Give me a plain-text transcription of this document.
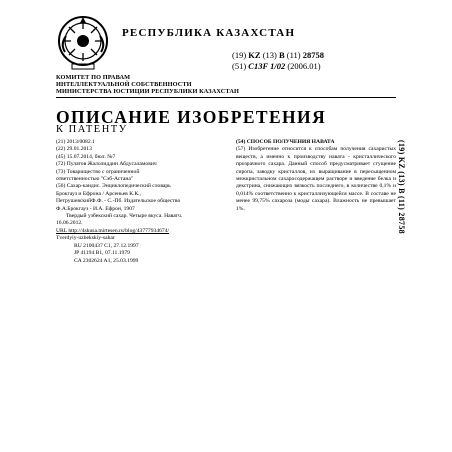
РЕСПУБЛИКА КАЗАХСТАН
(19) KZ (13) B (11) 28758
(51) C13F 1/02 (2006.01)
КОМИТЕТ ПО ПРАВАМ
ИНТЕЛЛЕКТУАЛЬНОЙ СОБСТВЕННОСТИ
МИНИСТЕРСТВА ЮСТИЦИИ РЕСПУБЛИКИ КАЗАХСТАН
ОПИСАНИЕ ИЗОБРЕТЕНИЯ
К ПАТЕНТУ
(21) 2013/0082.1
(22) 29.01.2013
(45) 15.07.2014, бюл. №7
(72) Пулатов Жалолиддин Абдусаламович
(73) Товарищество с ограниченной
ответственностью "Сэб-Астана"
(56) Сахар-кандис. Энциклопедический словарь
Брокгауз и Ефрона / Арсеньев К.К.,
ПетрушевскийФ.Ф. - С.-Пб. Издательское общество
Ф.А.Брокгауз - И.А. Ефрон, 1907
Твердый узбекский сахар. Четыре вкуса. Наватч.
16.06.2012.
URL http://4skusa.mirtesen.ru/blog/43777934674/
Tverdyiy-uzbekskiy-sahar
RU 2100437 C1, 27.12.1997
JP 41194 B1, 07.11.1979
CA 2302624 A1, 25.03.1999
(54) СПОСОБ ПОЛУЧЕНИЯ НАВАТА

(57) Изобретение относится к способам получения сахаристых веществ, а именно к производству навата - кристаллического прозрачного сахара. Данный способ предусматривает сгущение сиропа, заводку кристаллов, их выращивание в пересыщенном межкристальном сахаросодержащем растворе и введение белка и декстрина, снижающих вязкость последнего, в количестве 0,1% и 0,014% соответственно к кристаллизующейся массе. В составе не менее 99,75% сахароза (моды сахара). Влажность не превышает 1%.	(19) KZ (13) B (11) 28758
